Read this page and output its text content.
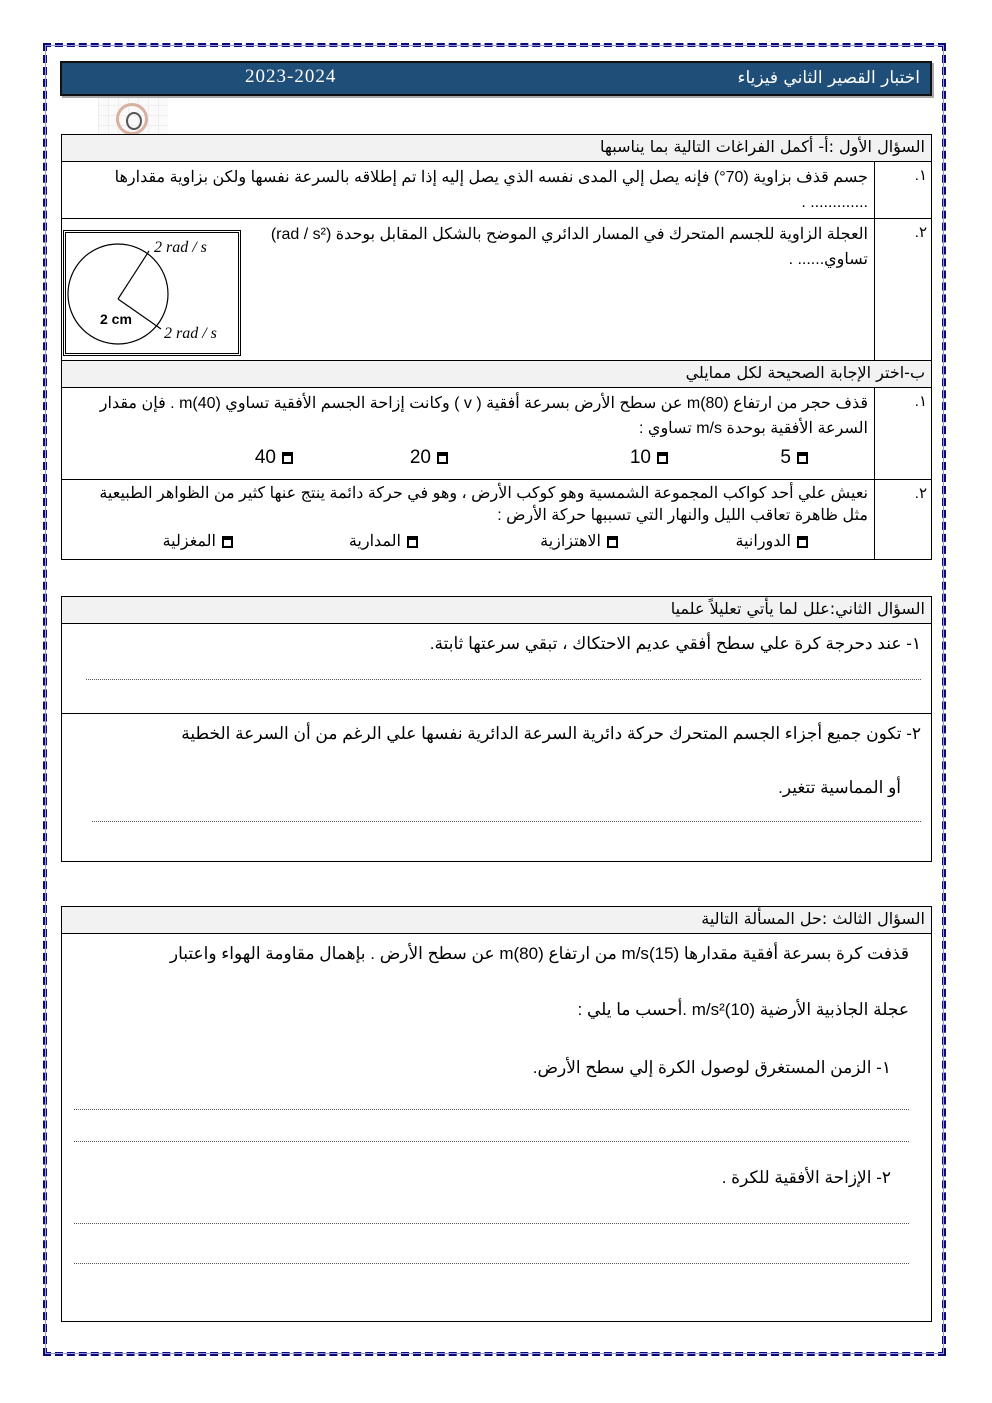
اختبار القصير الثاني فيزياء
2023-2024
السؤال الأول :أ- أكمل الفراغات التالية بما يناسبها	
١.	جسم قذف بزاوية (70°) فإنه يصل إلي المدى نفسه الذي يصل إليه إذا تم إطلاقه بالسرعة نفسها ولكن بزاوية مقدارها ............. .
٢.	العجلة الزاوية للجسم المتحرك في المسار الدائري الموضح بالشكل المقابل بوحدة (rad / s²) تساوي...... .
ب-اختر الإجابة الصحيحة لكل ممايلي	
١.	قذف حجر من ارتفاع (80)m عن سطح الأرض بسرعة أفقية ( v ) وكانت إزاحة الجسم الأفقية تساوي (40)m . فإن مقدار السرعة الأفقية بوحدة m/s تساوي :
5
10
20
40

٢.	نعيش علي أحد كواكب المجموعة الشمسية وهو كوكب الأرض ، وهو في حركة دائمة ينتج عنها كثير من الظواهر الطبيعية مثل ظاهرة تعاقب الليل والنهار التي تسببها حركة الأرض :
الدورانية
الاهتزازية
المدارية
المغزلية
2 rad / s
2 rad / s
2 cm
السؤال الثاني:علل لما يأتي تعليلاً علميا

١- عند دحرجة كرة علي سطح أفقي عديم الاحتكاك ، تبقي سرعتها ثابتة.

٢- تكون جميع أجزاء الجسم المتحرك حركة دائرية السرعة الدائرية نفسها علي الرغم من أن السرعة الخطية
أو المماسية تتغير.
السؤال الثالث :حل المسألة التالية

قذفت كرة بسرعة أفقية مقدارها (15)m/s من ارتفاع (80)m عن سطح الأرض . بإهمال مقاومة الهواء واعتبار
عجلة الجاذبية الأرضية (10)m/s² .أحسب ما يلي :
١- الزمن المستغرق لوصول الكرة إلي سطح الأرض.
٢- الإزاحة الأفقية للكرة .
